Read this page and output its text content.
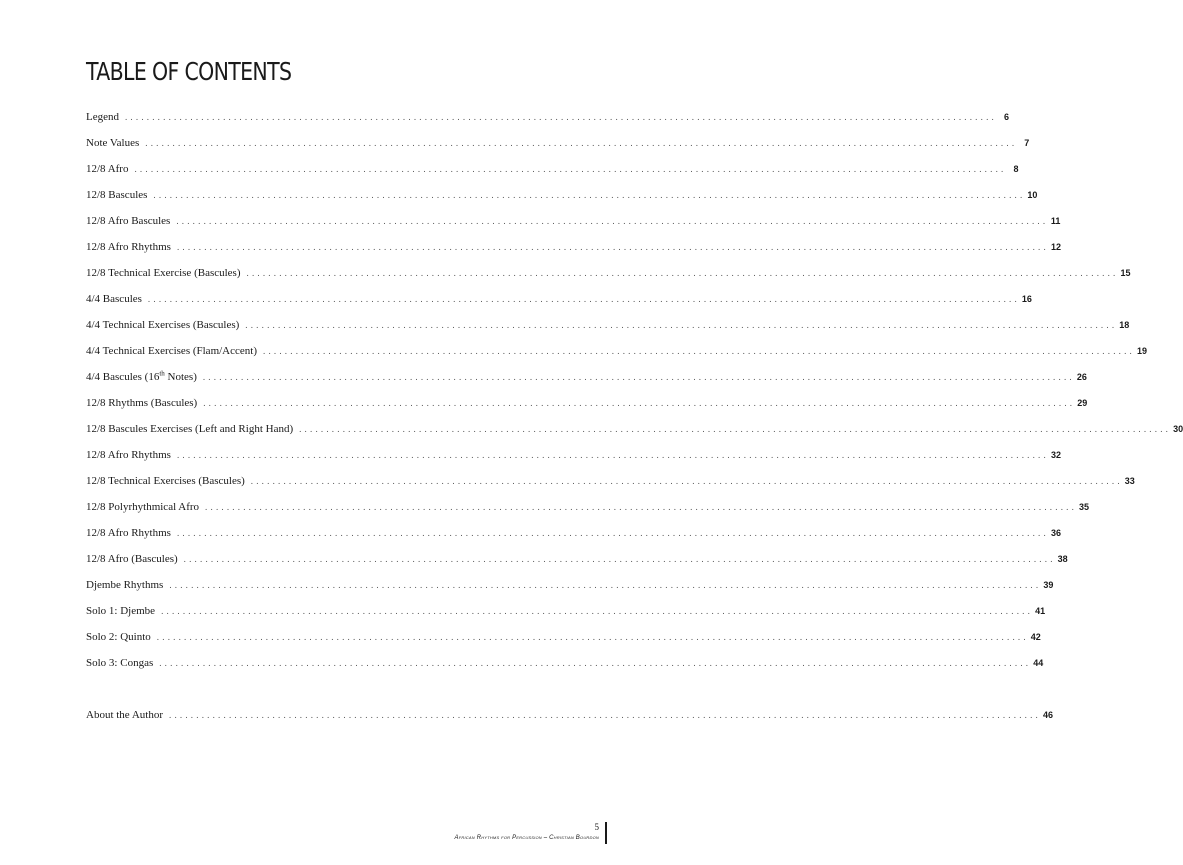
TABLE OF CONTENTS
Legend ................................................................................................................................................................ 6
Note Values ................................................................................................................................................................ 7
12/8 Afro ................................................................................................................................................................ 8
12/8 Bascules ................................................................................................................................................................ 10
12/8 Afro Bascules ................................................................................................................................................................ 11
12/8 Afro Rhythms ................................................................................................................................................................ 12
12/8 Technical Exercise (Bascules) ................................................................................................................................................................ 15
4/4 Bascules ................................................................................................................................................................ 16
4/4 Technical Exercises (Bascules) ................................................................................................................................................................ 18
4/4 Technical Exercises (Flam/Accent) ................................................................................................................................................................ 19
4/4 Bascules (16th Notes) ................................................................................................................................................................ 26
12/8 Rhythms (Bascules) ................................................................................................................................................................ 29
12/8 Bascules Exercises (Left and Right Hand) ................................................................................................................................................................ 30
12/8 Afro Rhythms ................................................................................................................................................................ 32
12/8 Technical Exercises (Bascules) ................................................................................................................................................................ 33
12/8 Polyrhythmical Afro ................................................................................................................................................................ 35
12/8 Afro Rhythms ................................................................................................................................................................ 36
12/8 Afro (Bascules) ................................................................................................................................................................ 38
Djembe Rhythms ................................................................................................................................................................ 39
Solo 1: Djembe ................................................................................................................................................................ 41
Solo 2: Quinto ................................................................................................................................................................ 42
Solo 3: Congas ................................................................................................................................................................ 44
About the Author ................................................................................................................................................................ 46
5
African Rhythms for Percussion – Christian Bourdon
